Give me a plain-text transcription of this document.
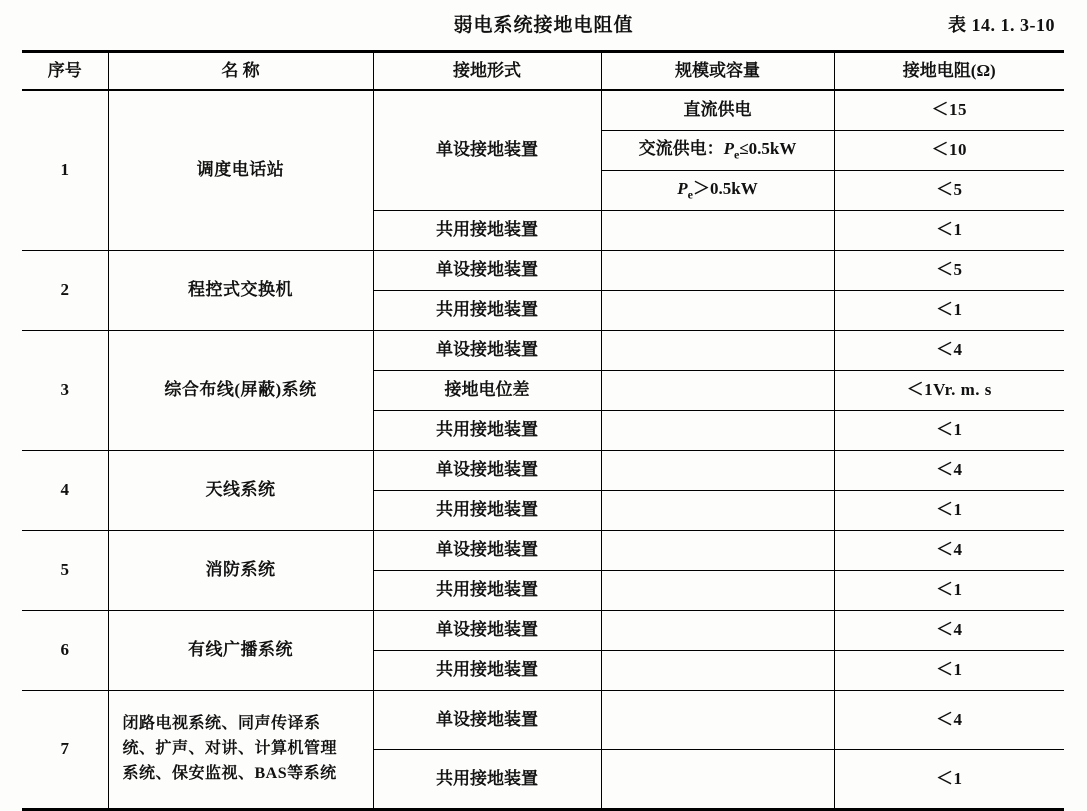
弱电系统接地电阻值	表 14. 1. 3-10
序号	名 称	接地形式	规模或容量	接地电阻(Ω)
1	调度电话站	单设接地装置	直流供电	＜15
			交流供电：$P_e\le 0.5kW$	＜10
			$P_e>0.5kW$	＜5
		共用接地装置		＜1
2	程控式交换机	单设接地装置		＜5
		共用接地装置		＜1
3	综合布线(屏蔽)系统	单设接地装置		＜4
		接地电位差		＜1Vr. m. s
		共用接地装置		＜1
4	天线系统	单设接地装置		＜4
		共用接地装置		＜1
5	消防系统	单设接地装置		＜4
		共用接地装置		＜1
6	有线广播系统	单设接地装置		＜4
		共用接地装置		＜1
7	闭路电视系统、同声传译系
统、扩声、对讲、计算机管理
系统、保安监视、BAS等系统	单设接地装置		＜4
		共用接地装置		＜1
